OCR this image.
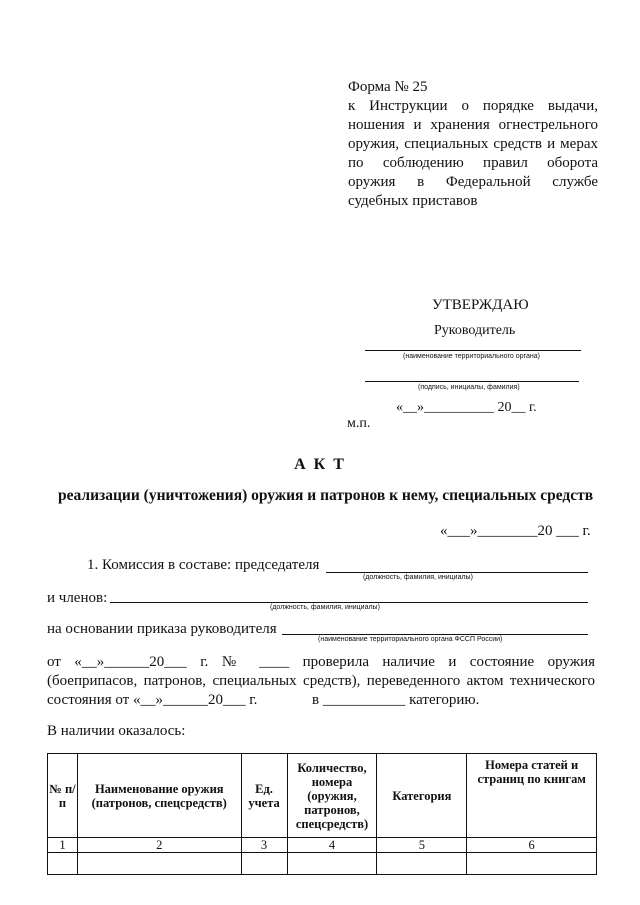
Форма № 25
к Инструкции о порядке выдачи,
ношения и хранения огнестрельного
оружия, специальных средств и мерах
по соблюдению правил оборота
оружия в Федеральной службе
судебных приставов
УТВЕРЖДАЮ
Руководитель
(наименование территориального органа)
(подпись, инициалы, фамилия)
«__»__________ 20__ г.
м.п.
А К Т
реализации (уничтожения) оружия и патронов к нему, специальных средств
«___»________20 ___ г.
1. Комиссия в составе: председателя
(должность, фамилия, инициалы)
и членов:
(должность, фамилия, инициалы)
на основании приказа руководителя
(наименование территориального органа ФССП России)
от «__»______20___ г. № ____ проверила наличие и состояние оружия
(боеприпасов, патронов, специальных средств), переведенного актом технического
состояния от «__»______20___ г.	в ___________ категорию.
В наличии оказалось:
№ п/п	Наименование оружия (патронов, спецсредств)	Ед. учета	Количество, номера (оружия, патронов, спецсредств)	Категория	Номера статей и страниц по книгам
1	2	3	4	5	6
